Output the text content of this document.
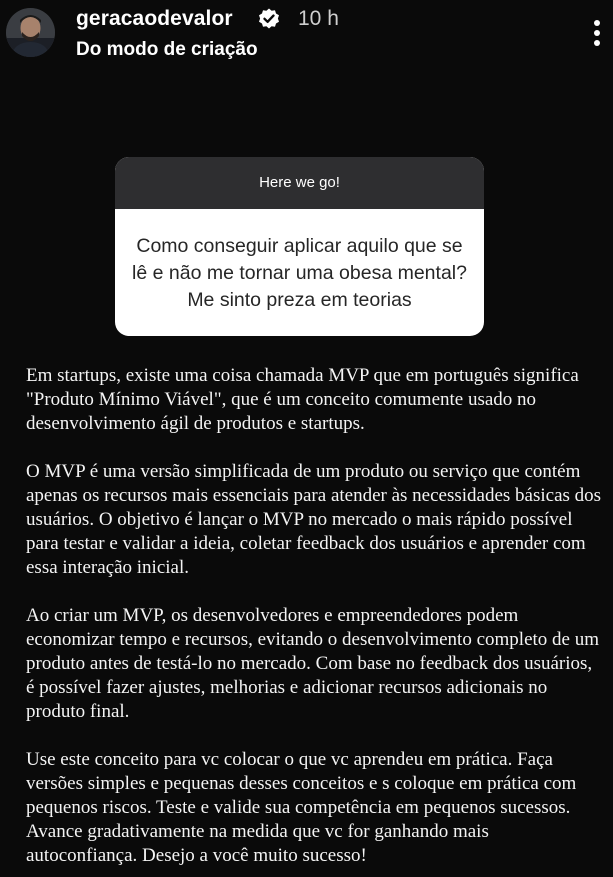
geracaodevalor	10 h
Do modo de criação
Here we go!
Como conseguir aplicar aquilo que se lê e não me tornar uma obesa mental? Me sinto preza em teorias

Em startups, existe uma coisa chamada MVP que em português significa "Produto Mínimo Viável", que é um conceito comumente usado no desenvolvimento ágil de produtos e startups.

O MVP é uma versão simplificada de um produto ou serviço que contém apenas os recursos mais essenciais para atender às necessidades básicas dos usuários. O objetivo é lançar o MVP no mercado o mais rápido possível para testar e validar a ideia, coletar feedback dos usuários e aprender com essa interação inicial.

Ao criar um MVP, os desenvolvedores e empreendedores podem economizar tempo e recursos, evitando o desenvolvimento completo de um produto antes de testá-lo no mercado. Com base no feedback dos usuários, é possível fazer ajustes, melhorias e adicionar recursos adicionais no produto final.

Use este conceito para vc colocar o que vc aprendeu em prática. Faça versões simples e pequenas desses conceitos e s coloque em prática com pequenos riscos. Teste e valide sua competência em pequenos sucessos. Avance gradativamente na medida que vc for ganhando mais autoconfiança. Desejo a você muito sucesso!
